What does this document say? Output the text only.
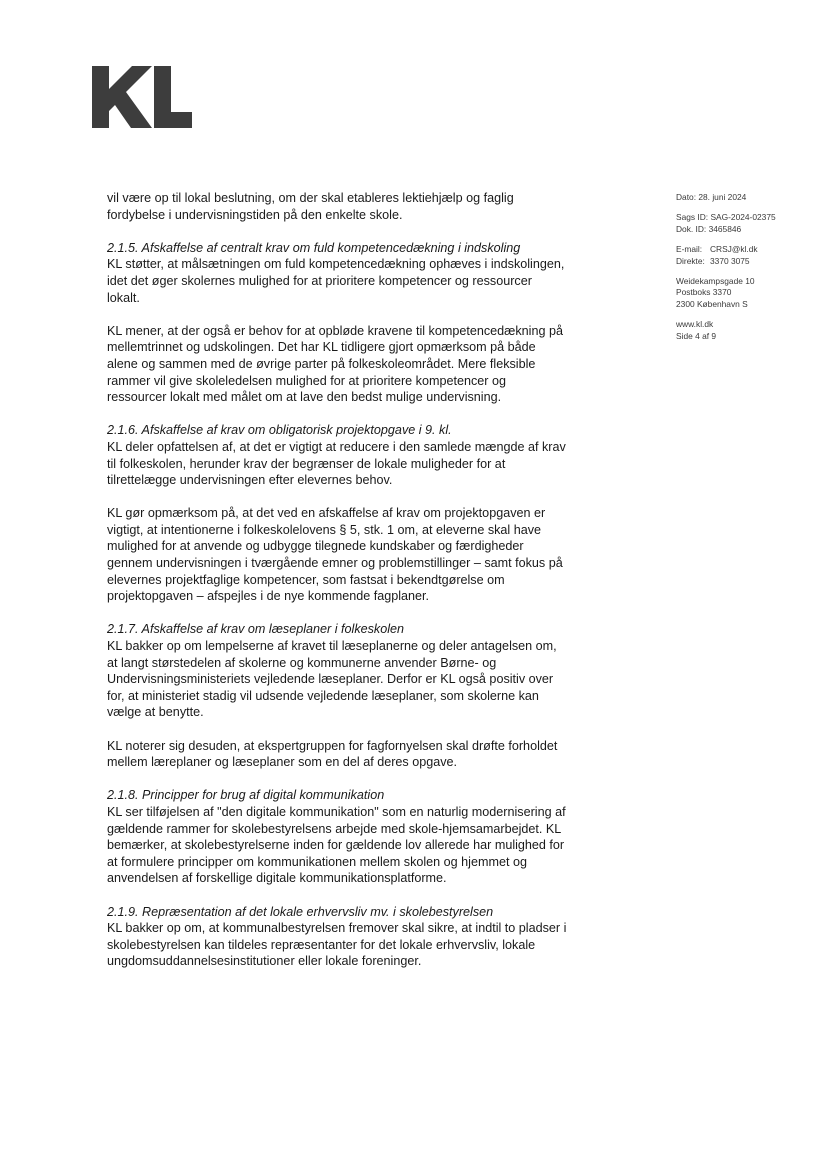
Dato: 28. juni 2024
Sags ID: SAG-2024-02375
Dok. ID: 3465846
E-mail: CRSJ@kl.dk
Direkte: 3370 3075
Weidekampsgade 10
Postboks 3370
2300 København S
www.kl.dk
Side 4 af 9

vil være op til lokal beslutning, om der skal etableres lektiehjælp og faglig fordybelse i undervisningstiden på den enkelte skole.

2.1.5. Afskaffelse af centralt krav om fuld kompetencedækning i indskoling
KL støtter, at målsætningen om fuld kompetencedækning ophæves i indskolingen, idet det øger skolernes mulighed for at prioritere kompetencer og ressourcer lokalt.

KL mener, at der også er behov for at opbløde kravene til kompetencedækning på mellemtrinnet og udskolingen. Det har KL tidligere gjort opmærksom på både alene og sammen med de øvrige parter på folkeskoleområdet. Mere fleksible rammer vil give skoleledelsen mulighed for at prioritere kompetencer og ressourcer lokalt med målet om at lave den bedst mulige undervisning.

2.1.6. Afskaffelse af krav om obligatorisk projektopgave i 9. kl.
KL deler opfattelsen af, at det er vigtigt at reducere i den samlede mængde af krav til folkeskolen, herunder krav der begrænser de lokale muligheder for at tilrettelægge undervisningen efter elevernes behov.

KL gør opmærksom på, at det ved en afskaffelse af krav om projektopgaven er vigtigt, at intentionerne i folkeskolelovens § 5, stk. 1 om, at eleverne skal have mulighed for at anvende og udbygge tilegnede kundskaber og færdigheder gennem undervisningen i tværgående emner og problemstillinger – samt fokus på elevernes projektfaglige kompetencer, som fastsat i bekendtgørelse om projektopgaven – afspejles i de nye kommende fagplaner.

2.1.7. Afskaffelse af krav om læseplaner i folkeskolen
KL bakker op om lempelserne af kravet til læseplanerne og deler antagelsen om, at langt størstedelen af skolerne og kommunerne anvender Børne- og Undervisningsministeriets vejledende læseplaner. Derfor er KL også positiv over for, at ministeriet stadig vil udsende vejledende læseplaner, som skolerne kan vælge at benytte.

KL noterer sig desuden, at ekspertgruppen for fagfornyelsen skal drøfte forholdet mellem læreplaner og læseplaner som en del af deres opgave.

2.1.8. Principper for brug af digital kommunikation
KL ser tilføjelsen af "den digitale kommunikation" som en naturlig modernisering af gældende rammer for skolebestyrelsens arbejde med skole-hjemsamarbejdet. KL bemærker, at skolebestyrelserne inden for gældende lov allerede har mulighed for at formulere principper om kommunikationen mellem skolen og hjemmet og anvendelsen af forskellige digitale kommunikationsplatforme.

2.1.9. Repræsentation af det lokale erhvervsliv mv. i skolebestyrelsen
KL bakker op om, at kommunalbestyrelsen fremover skal sikre, at indtil to pladser i skolebestyrelsen kan tildeles repræsentanter for det lokale erhvervsliv, lokale ungdomsuddannelsesinstitutioner eller lokale foreninger.
